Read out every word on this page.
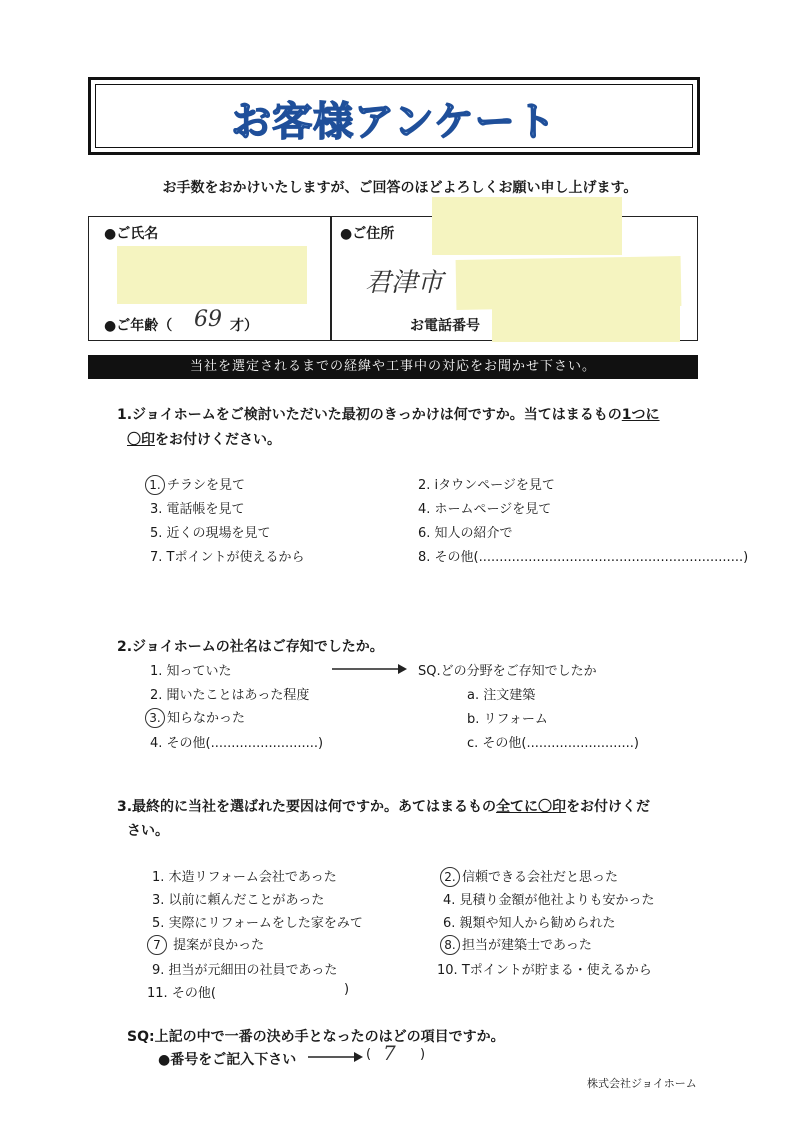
お客様アンケート
お手数をおかけいたしますが、ご回答のほどよろしくお願い申し上げます。
●ご氏名
●ご年齢（ 69 才）
●ご住所
君津市
お電話番号
当社を選定されるまでの経緯や工事中の対応をお聞かせ下さい。
1.ジョイホームをご検討いただいた最初のきっかけは何ですか。当てはまるもの1つに
〇印をお付けください。
1. チラシを見て	2. iタウンページを見て
3. 電話帳を見て	4. ホームページを見て
5. 近くの現場を見て	6. 知人の紹介で
7. Tポイントが使えるから	8. その他(................................................................)
2.ジョイホームの社名はご存知でしたか。
1. 知っていた	SQ.どの分野をご存知でしたか
2. 聞いたことはあった程度	a. 注文建築
3. 知らなかった	b. リフォーム
4. その他(..........................)	c. その他(..........................)
3.最終的に当社を選ばれた要因は何ですか。あてはまるもの全てに〇印をお付けくだ
さい。
1. 木造リフォーム会社であった	2. 信頼できる会社だと思った
3. 以前に頼んだことがあった	4. 見積り金額が他社よりも安かった
5. 実際にリフォームをした家をみて	6. 親類や知人から勧められた
7 提案が良かった	8. 担当が建築士であった
9. 担当が元細田の社員であった	10. Tポイントが貯まる・使えるから
11. その他(	)
SQ:上記の中で一番の決め手となったのはどの項目ですか。
●番号をご記入下さい	( 7 )
株式会社ジョイホーム
